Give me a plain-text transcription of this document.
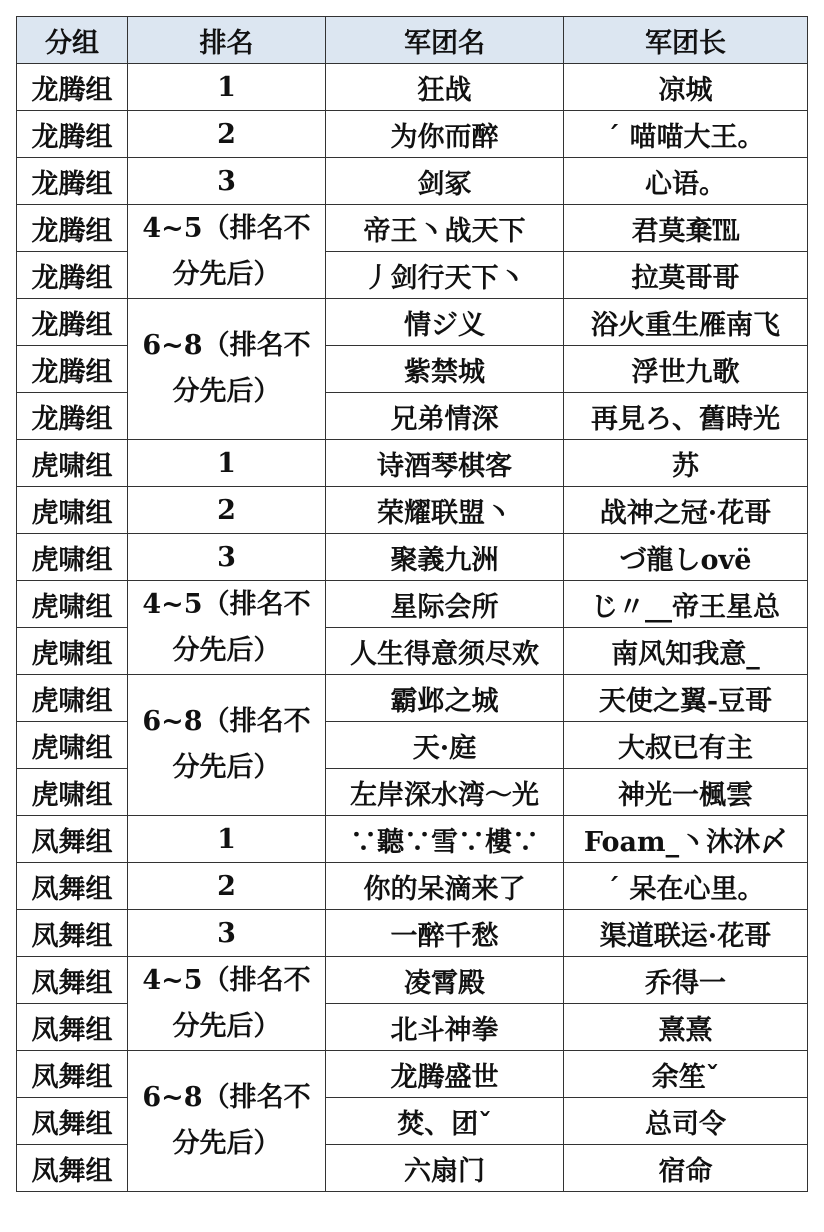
分组	排名	军团名	军团长
龙腾组	1	狂战	凉城
龙腾组	2	为你而醉	ˊ 喵喵大王。
龙腾组	3	剑冢	心语。
龙腾组	4~5（排名不分先后）	帝王丶战天下	君莫棄℡
龙腾组		丿剑行天下丶	拉莫哥哥
龙腾组	6~8（排名不分先后）	情ジ义	浴火重生雁南飞
龙腾组		紫禁城	浮世九歌
龙腾组		兄弟情深	再見ろ、舊時光
虎啸组	1	诗酒琴棋客	苏
虎啸组	2	荣耀联盟丶	战神之冠·花哥
虎啸组	3	聚義九洲	づ龍しovё
虎啸组	4~5（排名不分先后）	星际会所	じ〃__帝王星总
虎啸组		人生得意须尽欢	南风知我意_
虎啸组	6~8（排名不分先后）	霸邺之城	天使之翼-豆哥
虎啸组		天·庭	大叔已有主
虎啸组		左岸深水湾～光	神光一楓雲
凤舞组	1	∵聽∵雪∵樓∵	Foam_丶沐沐〆
凤舞组	2	你的呆滴来了	ˊ 呆在心里。
凤舞组	3	一醉千愁	渠道联运·花哥
凤舞组	4~5（排名不分先后）	凌霄殿	乔得一
凤舞组		北斗神拳	熹熹
凤舞组	6~8（排名不分先后）	龙腾盛世	余笙ˇ
凤舞组		焚、团ˇ	总司令
凤舞组		六扇门	宿命
